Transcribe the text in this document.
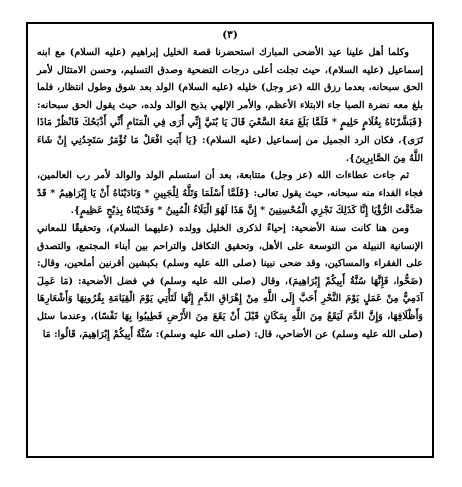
(٣)

وكلما أهل علينا عيد الأضحى المبارك استحضرنا قصة الخليل إبراهيم (عليه السلام) مع ابنه إسماعيل (عليه السلام)، حيث تجلت أعلى درجات التضحية وصدق التسليم، وحسن الامتثال لأمر الحق سبحانه، بعدما رزق الله (عز وجل) خليله (عليه السلام) الولد بعد شوق وطول انتظار، فلما بلغ معه نضرة الصبا جاء الابتلاء الأعظم، والأمر الإلهي بذبح الوالد ولده، حيث يقول الحق سبحانه: {فَبَشَّرْنَاهُ بِغُلَامٍ حَلِيمٍ * فَلَمَّا بَلَغَ مَعَهُ السَّعْيَ قَالَ يَا بُنَيَّ إِنِّي أَرَى فِي الْمَنَامِ أَنِّي أَذْبَحُكَ فَانْظُرْ مَاذَا تَرَى}، فكان الرد الجميل من إسماعيل (عليه السلام): {يَا أَبَتِ افْعَلْ مَا تُؤْمَرُ سَتَجِدُنِي إِنْ شَاءَ اللَّهُ مِنَ الصَّابِرِينَ}.

ثم جاءت عطاءات الله (عز وجل) متتابعة، بعد أن استسلم الولد والوالد لأمر رب العالمين، فجاء الفداء منه سبحانه، حيث يقول تعالى: {فَلَمَّا أَسْلَمَا وَتَلَّهُ لِلْجَبِينِ * وَنَادَيْنَاهُ أَنْ يَا إِبْرَاهِيمُ * قَدْ صَدَّقْتَ الرُّؤْيَا إِنَّا كَذَلِكَ نَجْزِي الْمُحْسِنِينَ * إِنَّ هَذَا لَهُوَ الْبَلَاءُ الْمُبِينُ * وَفَدَيْنَاهُ بِذِبْحٍ عَظِيمٍ}.

ومن هنا كانت سنة الأضحية: إحياءً لذكرى الخليل وولده (عليهما السلام)، وتحقيقًا للمعاني الإنسانية النبيلة من التوسعة على الأهل، وتحقيق التكافل والتراحم بين أبناء المجتمع، والتصدق على الفقراء والمساكين، وقد ضحى نبينا (صلى الله عليه وسلم) بكبشين أقرنين أملحين، وقال: (ضَحُّوا، فَإِنَّهَا سُنَّةُ أَبِيكُمْ إِبْرَاهِيمَ)، وقال (صلى الله عليه وسلم) في فضل الأضحية: (مَا عَمِلَ آدَمِيٌّ مِنْ عَمَلٍ يَوْمَ النَّحْرِ أَحَبَّ إِلَى اللَّهِ مِنْ إِهْرَاقِ الدَّمِ إِنَّهَا لَتَأْتِي يَوْمَ الْقِيَامَةِ بِقُرُونِهَا وَأَشْعَارِهَا وَأَظْلَافِهَا، وَإِنَّ الدَّمَ لَيَقَعُ مِنَ اللَّهِ بِمَكَانٍ قَبْلَ أَنْ يَقَعَ مِنَ الأَرْضِ فَطِيبُوا بِهَا نَفْسًا)، وعندما سئل (صلى الله عليه وسلم) عن الأضاحي، قال: (صلى الله عليه وسلم): سُنَّةُ أَبِيكُمْ إِبْرَاهِيمَ، قَالُوا: مَا
